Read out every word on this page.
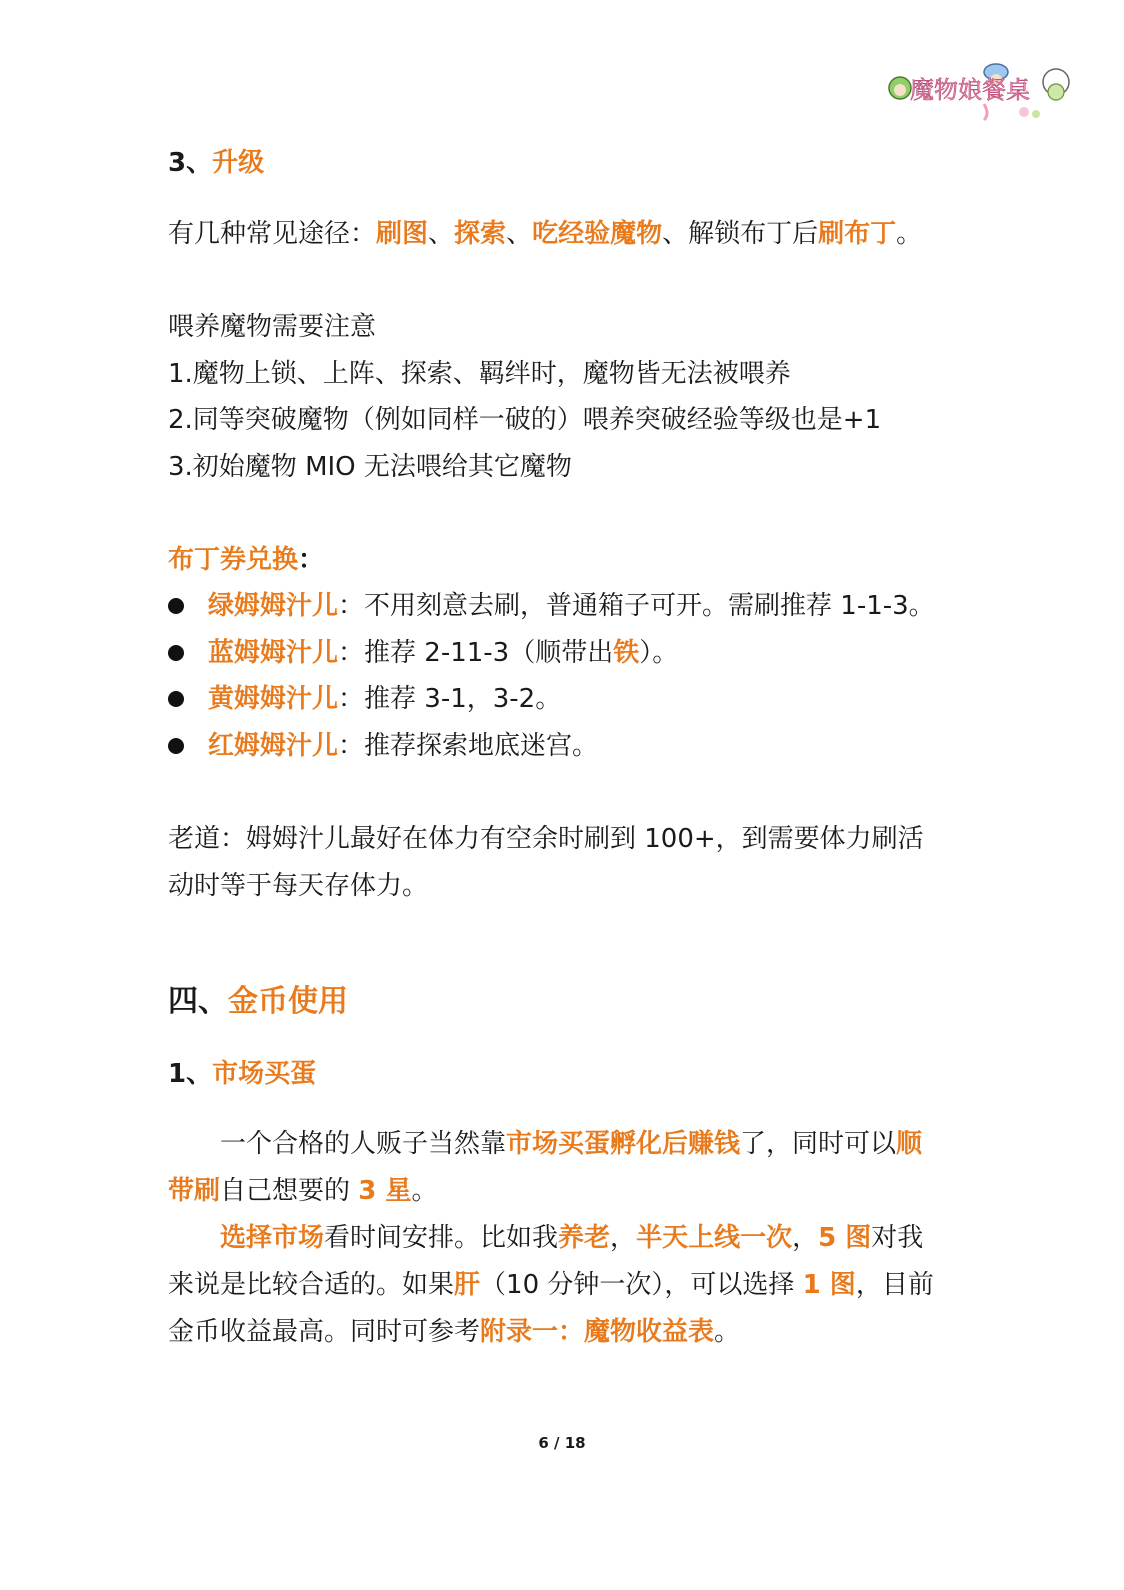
魔物娘餐桌
3、升级
有几种常见途径：刷图、探索、吃经验魔物、解锁布丁后刷布丁。
喂养魔物需要注意
1.魔物上锁、上阵、探索、羁绊时，魔物皆无法被喂养
2.同等突破魔物（例如同样一破的）喂养突破经验等级也是+1
3.初始魔物 MIO 无法喂给其它魔物
布丁券兑换：
绿姆姆汁儿：不用刻意去刷，普通箱子可开。需刷推荐 1-1-3。
蓝姆姆汁儿：推荐 2-11-3（顺带出铁）。
黄姆姆汁儿：推荐 3-1，3-2。
红姆姆汁儿：推荐探索地底迷宫。
老道：姆姆汁儿最好在体力有空余时刷到 100+，到需要体力刷活
动时等于每天存体力。
四、金币使用
1、市场买蛋
一个合格的人贩子当然靠市场买蛋孵化后赚钱了，同时可以顺
带刷自己想要的 3 星。
选择市场看时间安排。比如我养老，半天上线一次，5 图对我
来说是比较合适的。如果肝（10 分钟一次），可以选择 1 图，目前
金币收益最高。同时可参考附录一：魔物收益表。
6 / 18
